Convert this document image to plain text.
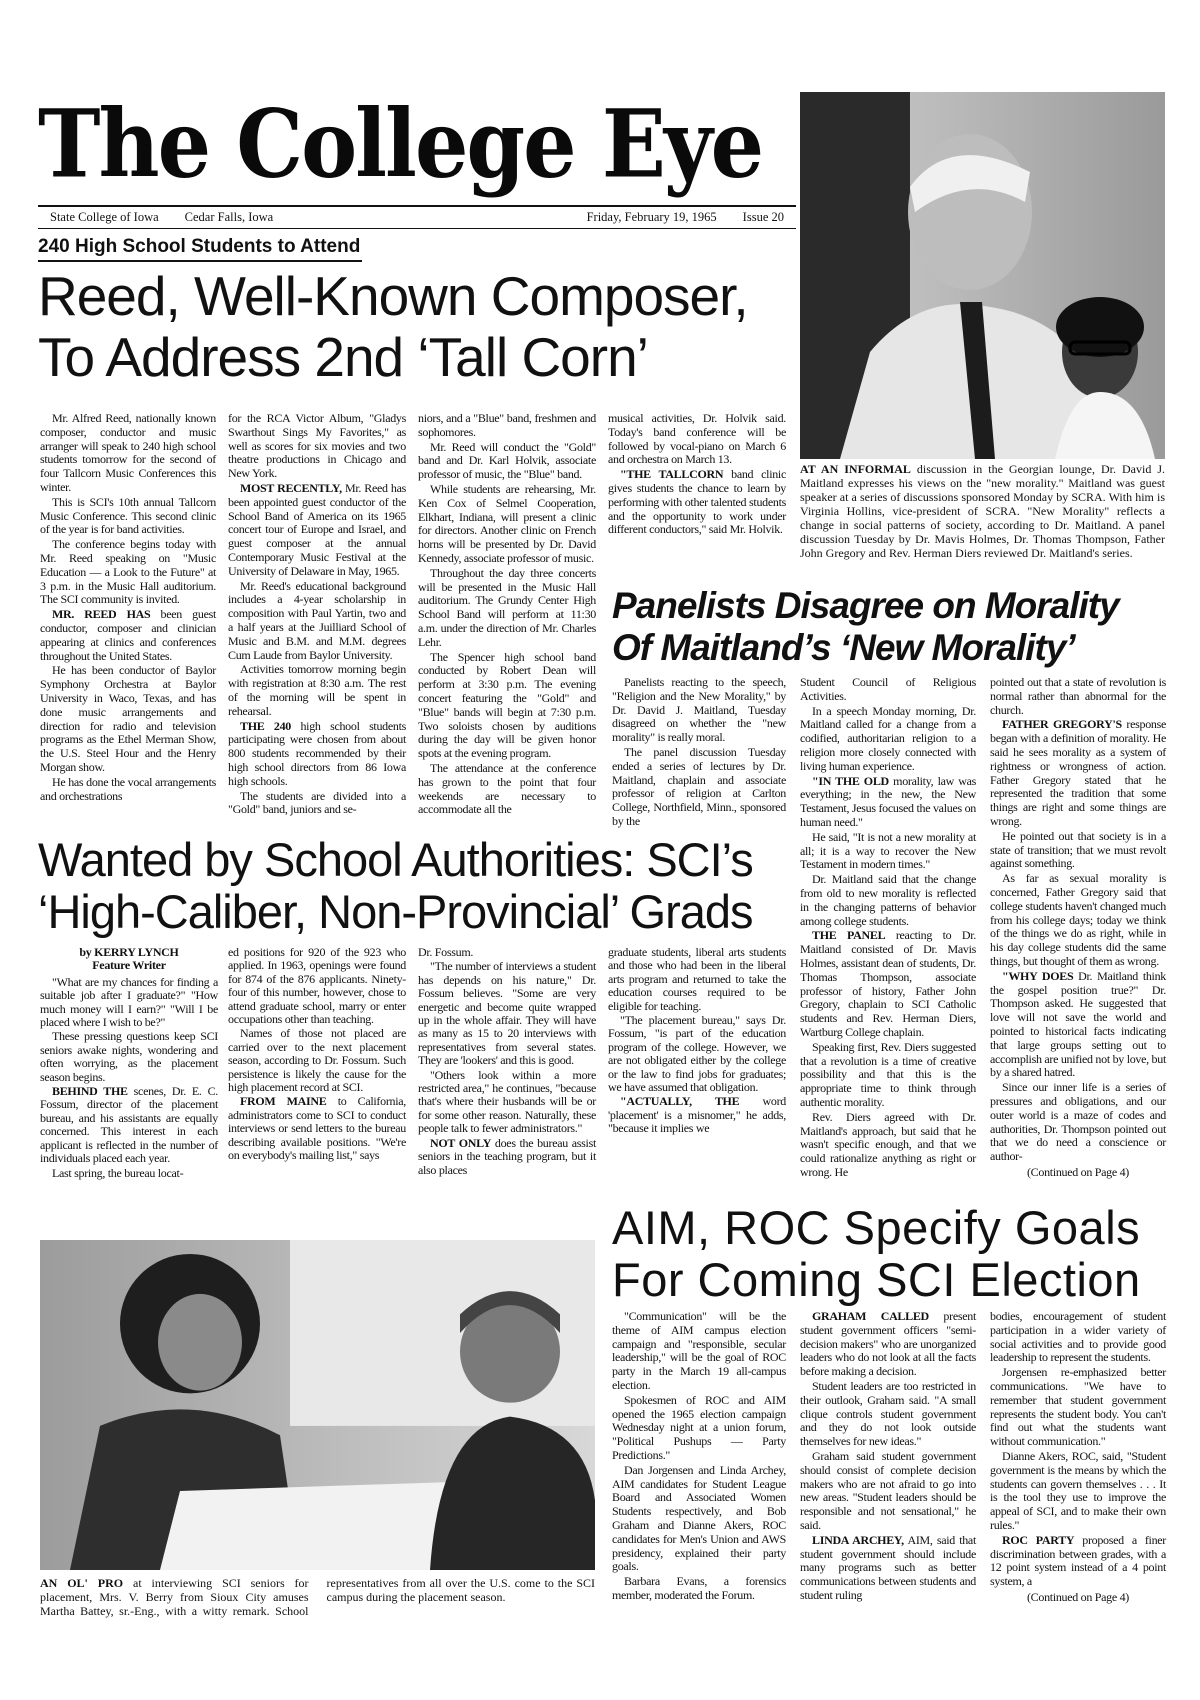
The College Eye
State College of Iowa Cedar Falls, Iowa	Friday, February 19, 1965 Issue 20
240 High School Students to Attend
Reed, Well-Known Composer,
To Address 2nd ‘Tall Corn’

Mr. Alfred Reed, nationally known composer, conductor and music arranger will speak to 240 high school students tomorrow for the second of four Tallcorn Music Conferences this winter.

This is SCI's 10th annual Tallcorn Music Conference. This second clinic of the year is for band activities.

The conference begins today with Mr. Reed speaking on "Music Education — a Look to the Future" at 3 p.m. in the Music Hall auditorium. The SCI community is invited.

MR. REED HAS been guest conductor, composer and clinician appearing at clinics and conferences throughout the United States.

He has been conductor of Baylor Symphony Orchestra at Baylor University in Waco, Texas, and has done music arrangements and direction for radio and television programs as the Ethel Merman Show, the U.S. Steel Hour and the Henry Morgan show.

He has done the vocal arrangements and orchestrations

for the RCA Victor Album, "Gladys Swarthout Sings My Favorites," as well as scores for six movies and two theatre productions in Chicago and New York.

MOST RECENTLY, Mr. Reed has been appointed guest conductor of the School Band of America on its 1965 concert tour of Europe and Israel, and guest composer at the annual Contemporary Music Festival at the University of Delaware in May, 1965.

Mr. Reed's educational background includes a 4-year scholarship in composition with Paul Yartin, two and a half years at the Juilliard School of Music and B.M. and M.M. degrees Cum Laude from Baylor University.

Activities tomorrow morning begin with registration at 8:30 a.m. The rest of the morning will be spent in rehearsal.

THE 240 high school students participating were chosen from about 800 students recommended by their high school directors from 86 Iowa high schools.

The students are divided into a "Gold" band, juniors and se-

niors, and a "Blue" band, freshmen and sophomores.

Mr. Reed will conduct the "Gold" band and Dr. Karl Holvik, associate professor of music, the "Blue" band.

While students are rehearsing, Mr. Ken Cox of Selmel Cooperation, Elkhart, Indiana, will present a clinic for directors. Another clinic on French horns will be presented by Dr. David Kennedy, associate professor of music.

Throughout the day three concerts will be presented in the Music Hall auditorium. The Grundy Center High School Band will perform at 11:30 a.m. under the direction of Mr. Charles Lehr.

The Spencer high school band conducted by Robert Dean will perform at 3:30 p.m. The evening concert featuring the "Gold" and "Blue" bands will begin at 7:30 p.m. Two soloists chosen by auditions during the day will be given honor spots at the evening program.

The attendance at the conference has grown to the point that four weekends are necessary to accommodate all the

musical activities, Dr. Holvik said. Today's band conference will be followed by vocal-piano on March 6 and orchestra on March 13.

"THE TALLCORN band clinic gives students the chance to learn by performing with other talented students and the opportunity to work under different conductors," said Mr. Holvik.

AT AN INFORMAL discussion in the Georgian lounge, Dr. David J. Maitland expresses his views on the "new morality." Maitland was guest speaker at a series of discussions sponsored Monday by SCRA. With him is Virginia Hollins, vice-president of SCRA. "New Morality" reflects a change in social patterns of society, according to Dr. Maitland. A panel discussion Tuesday by Dr. Mavis Holmes, Dr. Thomas Thompson, Father John Gregory and Rev. Herman Diers reviewed Dr. Maitland's series.
Panelists Disagree on Morality
Of Maitland’s ‘New Morality’

Panelists reacting to the speech, "Religion and the New Morality," by Dr. David J. Maitland, Tuesday disagreed on whether the "new morality" is really moral.

The panel discussion Tuesday ended a series of lectures by Dr. Maitland, chaplain and associate professor of religion at Carlton College, Northfield, Minn., sponsored by the

Student Council of Religious Activities.

In a speech Monday morning, Dr. Maitland called for a change from a codified, authoritarian religion to a religion more closely connected with living human experience.

"IN THE OLD morality, law was everything; in the new, the New Testament, Jesus focused the values on human need."

He said, "It is not a new morality at all; it is a way to recover the New Testament in modern times."

Dr. Maitland said that the change from old to new morality is reflected in the changing patterns of behavior among college students.

THE PANEL reacting to Dr. Maitland consisted of Dr. Mavis Holmes, assistant dean of students, Dr. Thomas Thompson, associate professor of history, Father John Gregory, chaplain to SCI Catholic students and Rev. Herman Diers, Wartburg College chaplain.

Speaking first, Rev. Diers suggested that a revolution is a time of creative possibility and that this is the appropriate time to think through authentic morality.

Rev. Diers agreed with Dr. Maitland's approach, but said that he wasn't specific enough, and that we could rationalize anything as right or wrong. He

pointed out that a state of revolution is normal rather than abnormal for the church.

FATHER GREGORY'S response began with a definition of morality. He said he sees morality as a system of rightness or wrongness of action. Father Gregory stated that he represented the tradition that some things are right and some things are wrong.

He pointed out that society is in a state of transition; that we must revolt against something.

As far as sexual morality is concerned, Father Gregory said that college students haven't changed much from his college days; today we think of the things we do as right, while in his day college students did the same things, but thought of them as wrong.

"WHY DOES Dr. Maitland think the gospel position true?" Dr. Thompson asked. He suggested that love will not save the world and pointed to historical facts indicating that large groups setting out to accomplish are unified not by love, but by a shared hatred.

Since our inner life is a series of pressures and obligations, and our outer world is a maze of codes and authorities, Dr. Thompson pointed out that we do need a conscience or author-

(Continued on Page 4)
Wanted by School Authorities: SCI’s
‘High-Caliber, Non-Provincial’ Grads
by KERRY LYNCH
Feature Writer

"What are my chances for finding a suitable job after I graduate?" "How much money will I earn?" "Will I be placed where I wish to be?"

These pressing questions keep SCI seniors awake nights, wondering and often worrying, as the placement season begins.

BEHIND THE scenes, Dr. E. C. Fossum, director of the placement bureau, and his assistants are equally concerned. This interest in each applicant is reflected in the number of individuals placed each year.

Last spring, the bureau locat-

ed positions for 920 of the 923 who applied. In 1963, openings were found for 874 of the 876 applicants. Ninety-four of this number, however, chose to attend graduate school, marry or enter occupations other than teaching.

Names of those not placed are carried over to the next placement season, according to Dr. Fossum. Such persistence is likely the cause for the high placement record at SCI.

FROM MAINE to California, administrators come to SCI to conduct interviews or send letters to the bureau describing available positions. "We're on everybody's mailing list," says

Dr. Fossum.

"The number of interviews a student has depends on his nature," Dr. Fossum believes. "Some are very energetic and become quite wrapped up in the whole affair. They will have as many as 15 to 20 interviews with representatives from several states. They are 'lookers' and this is good.

"Others look within a more restricted area," he continues, "because that's where their husbands will be or for some other reason. Naturally, these people talk to fewer administrators."

NOT ONLY does the bureau assist seniors in the teaching program, but it also places

graduate students, liberal arts students and those who had been in the liberal arts program and returned to take the education courses required to be eligible for teaching.

"The placement bureau," says Dr. Fossum, "is part of the education program of the college. However, we are not obligated either by the college or the law to find jobs for graduates; we have assumed that obligation.

"ACTUALLY, THE word 'placement' is a misnomer," he adds, "because it implies we

AN OL' PRO at interviewing SCI seniors for placement, Mrs. V. Berry from Sioux City amuses Martha Battey, sr.-Eng., with a witty remark. School representatives from all over the U.S. come to the SCI campus during the placement season.
AIM, ROC Specify Goals
For Coming SCI Election

"Communication" will be the theme of AIM campus election campaign and "responsible, secular leadership," will be the goal of ROC party in the March 19 all-campus election.

Spokesmen of ROC and AIM opened the 1965 election campaign Wednesday night at a union forum, "Political Pushups — Party Predictions."

Dan Jorgensen and Linda Archey, AIM candidates for Student League Board and Associated Women Students respectively, and Bob Graham and Dianne Akers, ROC candidates for Men's Union and AWS presidency, explained their party goals.

Barbara Evans, a forensics member, moderated the Forum.

GRAHAM CALLED present student government officers "semi-decision makers" who are unorganized leaders who do not look at all the facts before making a decision.

Student leaders are too restricted in their outlook, Graham said. "A small clique controls student government and they do not look outside themselves for new ideas."

Graham said student government should consist of complete decision makers who are not afraid to go into new areas. "Student leaders should be responsible and not sensational," he said.

LINDA ARCHEY, AIM, said that student government should include many programs such as better communications between students and student ruling

bodies, encouragement of student participation in a wider variety of social activities and to provide good leadership to represent the students.

Jorgensen re-emphasized better communications. "We have to remember that student government represents the student body. You can't find out what the students want without communication."

Dianne Akers, ROC, said, "Student government is the means by which the students can govern themselves . . . It is the tool they use to improve the appeal of SCI, and to make their own rules."

ROC PARTY proposed a finer discrimination between grades, with a 12 point system instead of a 4 point system, a

(Continued on Page 4)
